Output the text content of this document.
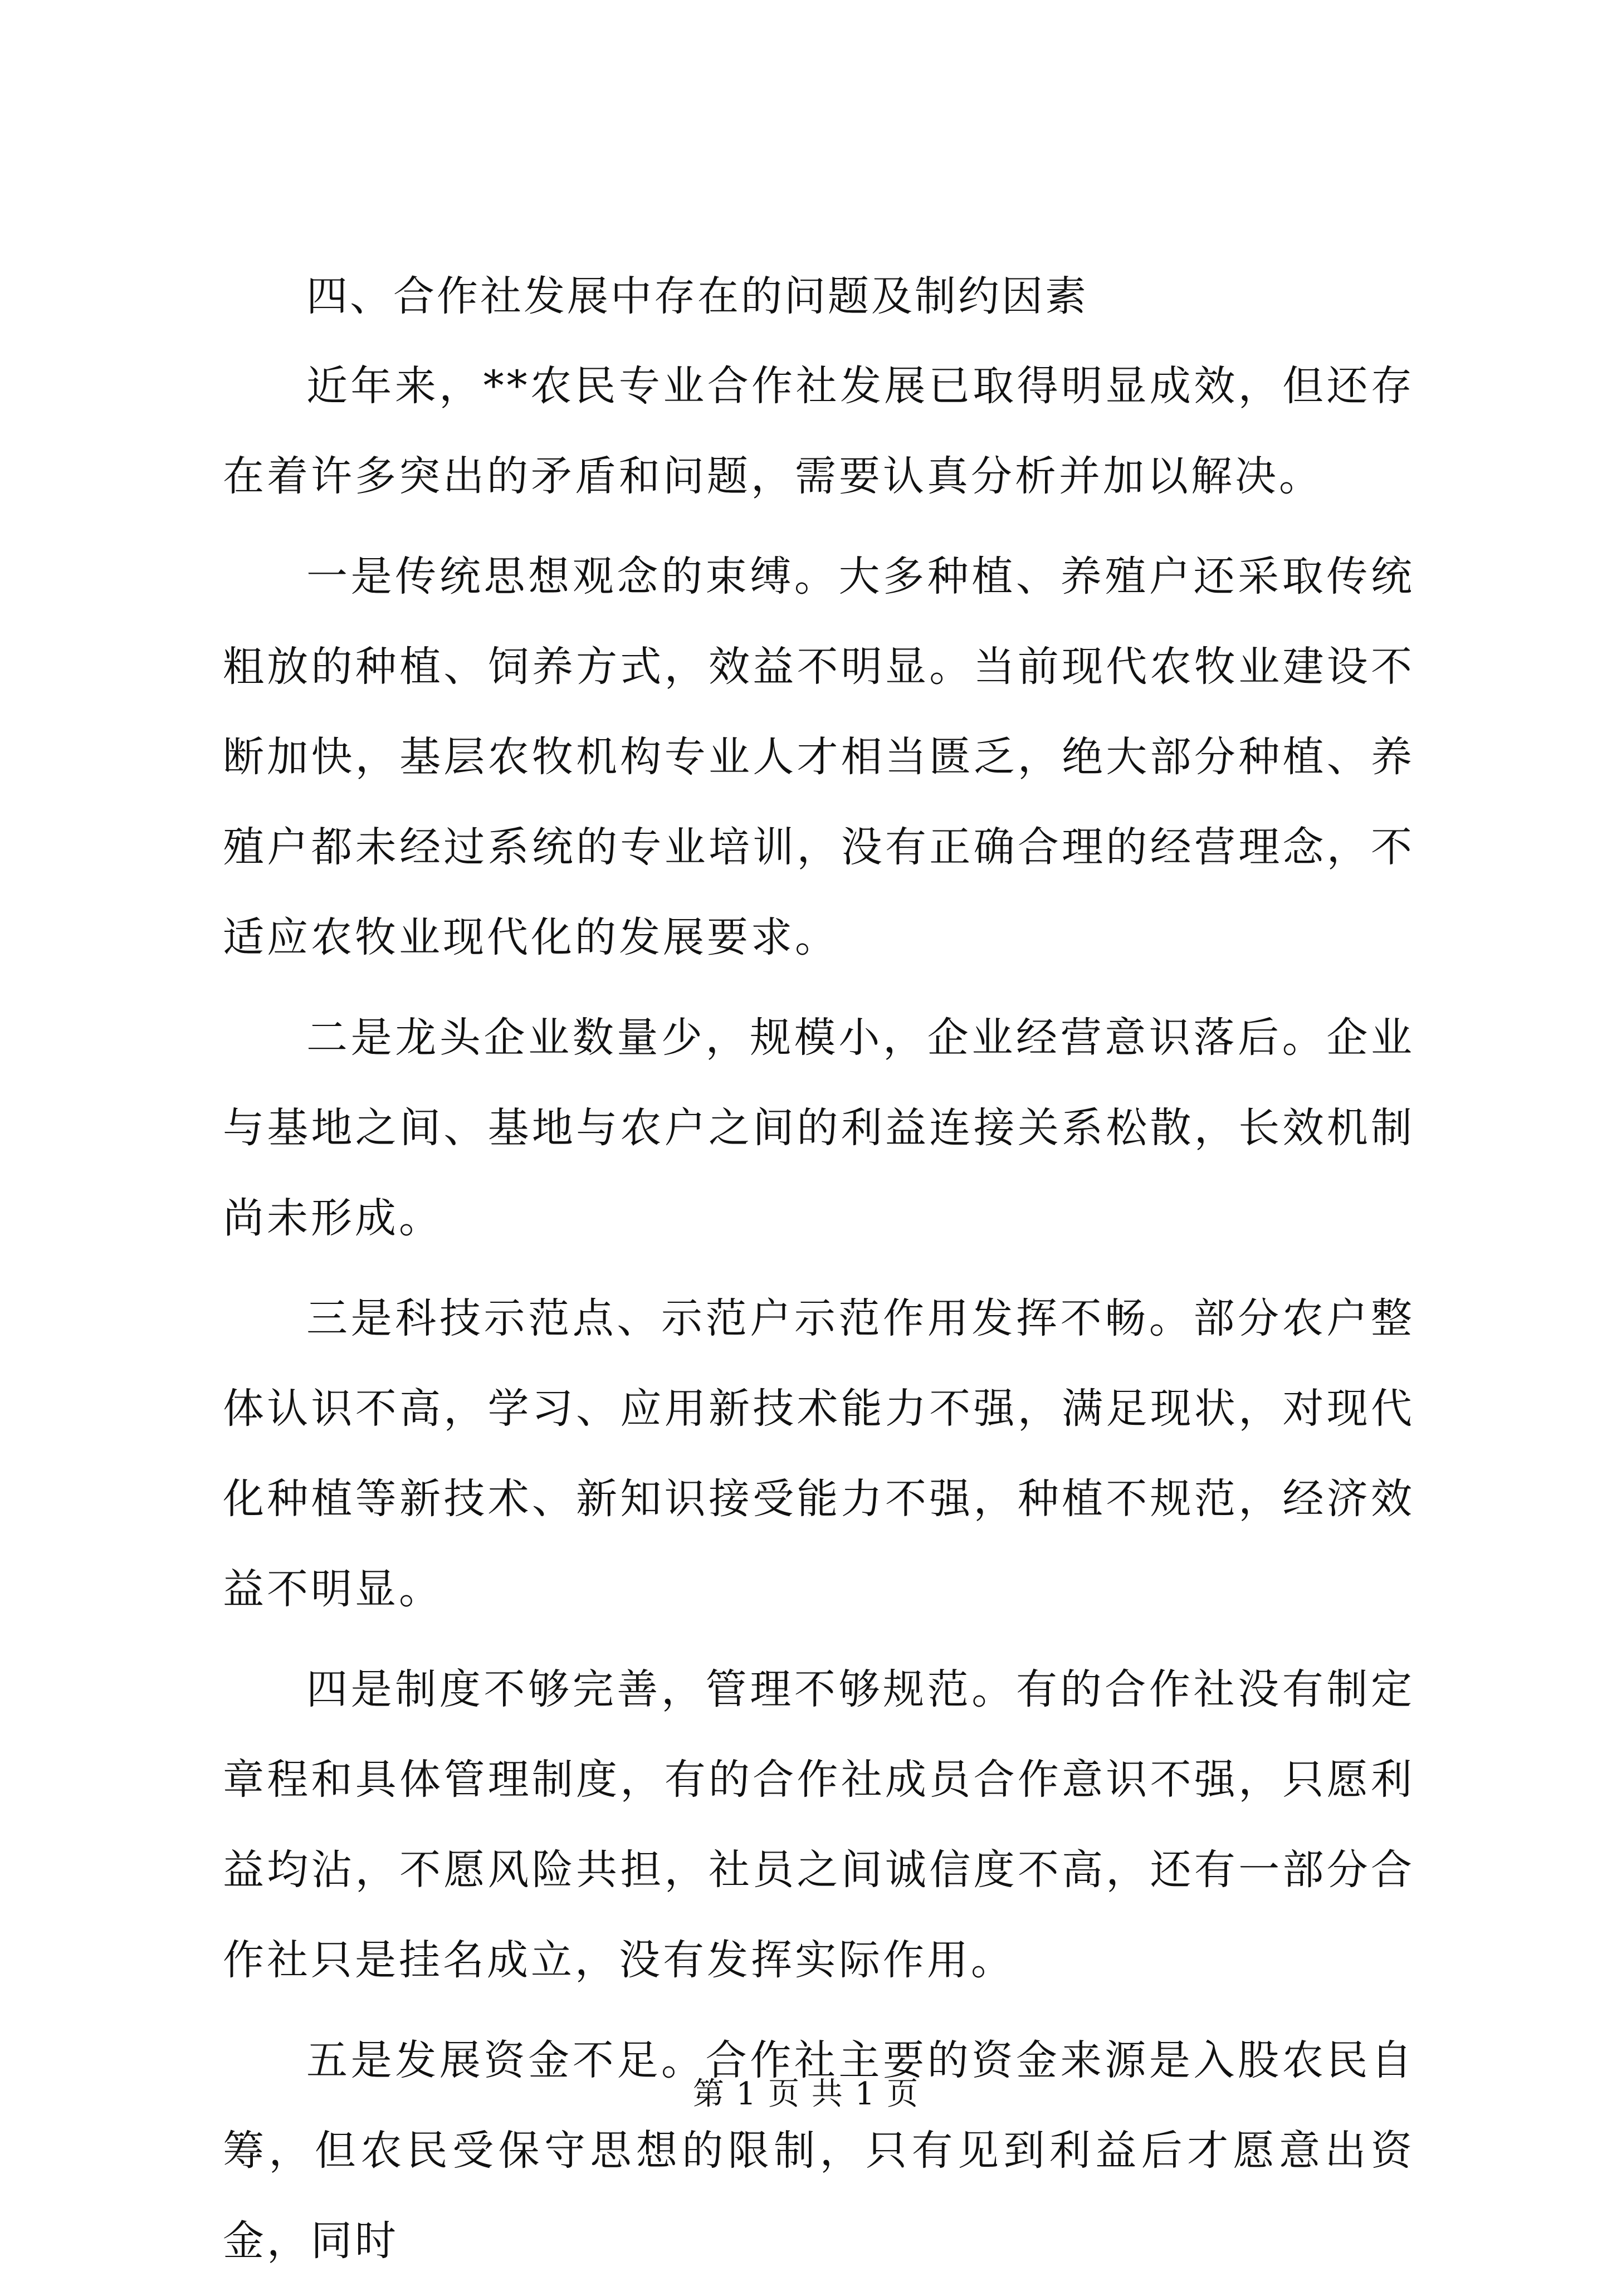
四、合作社发展中存在的问题及制约因素

近年来，**农民专业合作社发展已取得明显成效，但还存在着许多突出的矛盾和问题，需要认真分析并加以解决。

一是传统思想观念的束缚。大多种植、养殖户还采取传统粗放的种植、饲养方式，效益不明显。当前现代农牧业建设不断加快，基层农牧机构专业人才相当匮乏，绝大部分种植、养殖户都未经过系统的专业培训，没有正确合理的经营理念，不适应农牧业现代化的发展要求。

二是龙头企业数量少，规模小，企业经营意识落后。企业与基地之间、基地与农户之间的利益连接关系松散，长效机制尚未形成。

三是科技示范点、示范户示范作用发挥不畅。部分农户整体认识不高，学习、应用新技术能力不强，满足现状，对现代化种植等新技术、新知识接受能力不强，种植不规范，经济效益不明显。

四是制度不够完善，管理不够规范。有的合作社没有制定章程和具体管理制度，有的合作社成员合作意识不强，只愿利益均沾，不愿风险共担，社员之间诚信度不高，还有一部分合作社只是挂名成立，没有发挥实际作用。

五是发展资金不足。合作社主要的资金来源是入股农民自筹，但农民受保守思想的限制，只有见到利益后才愿意出资金，同时

第 1 页 共 1 页
